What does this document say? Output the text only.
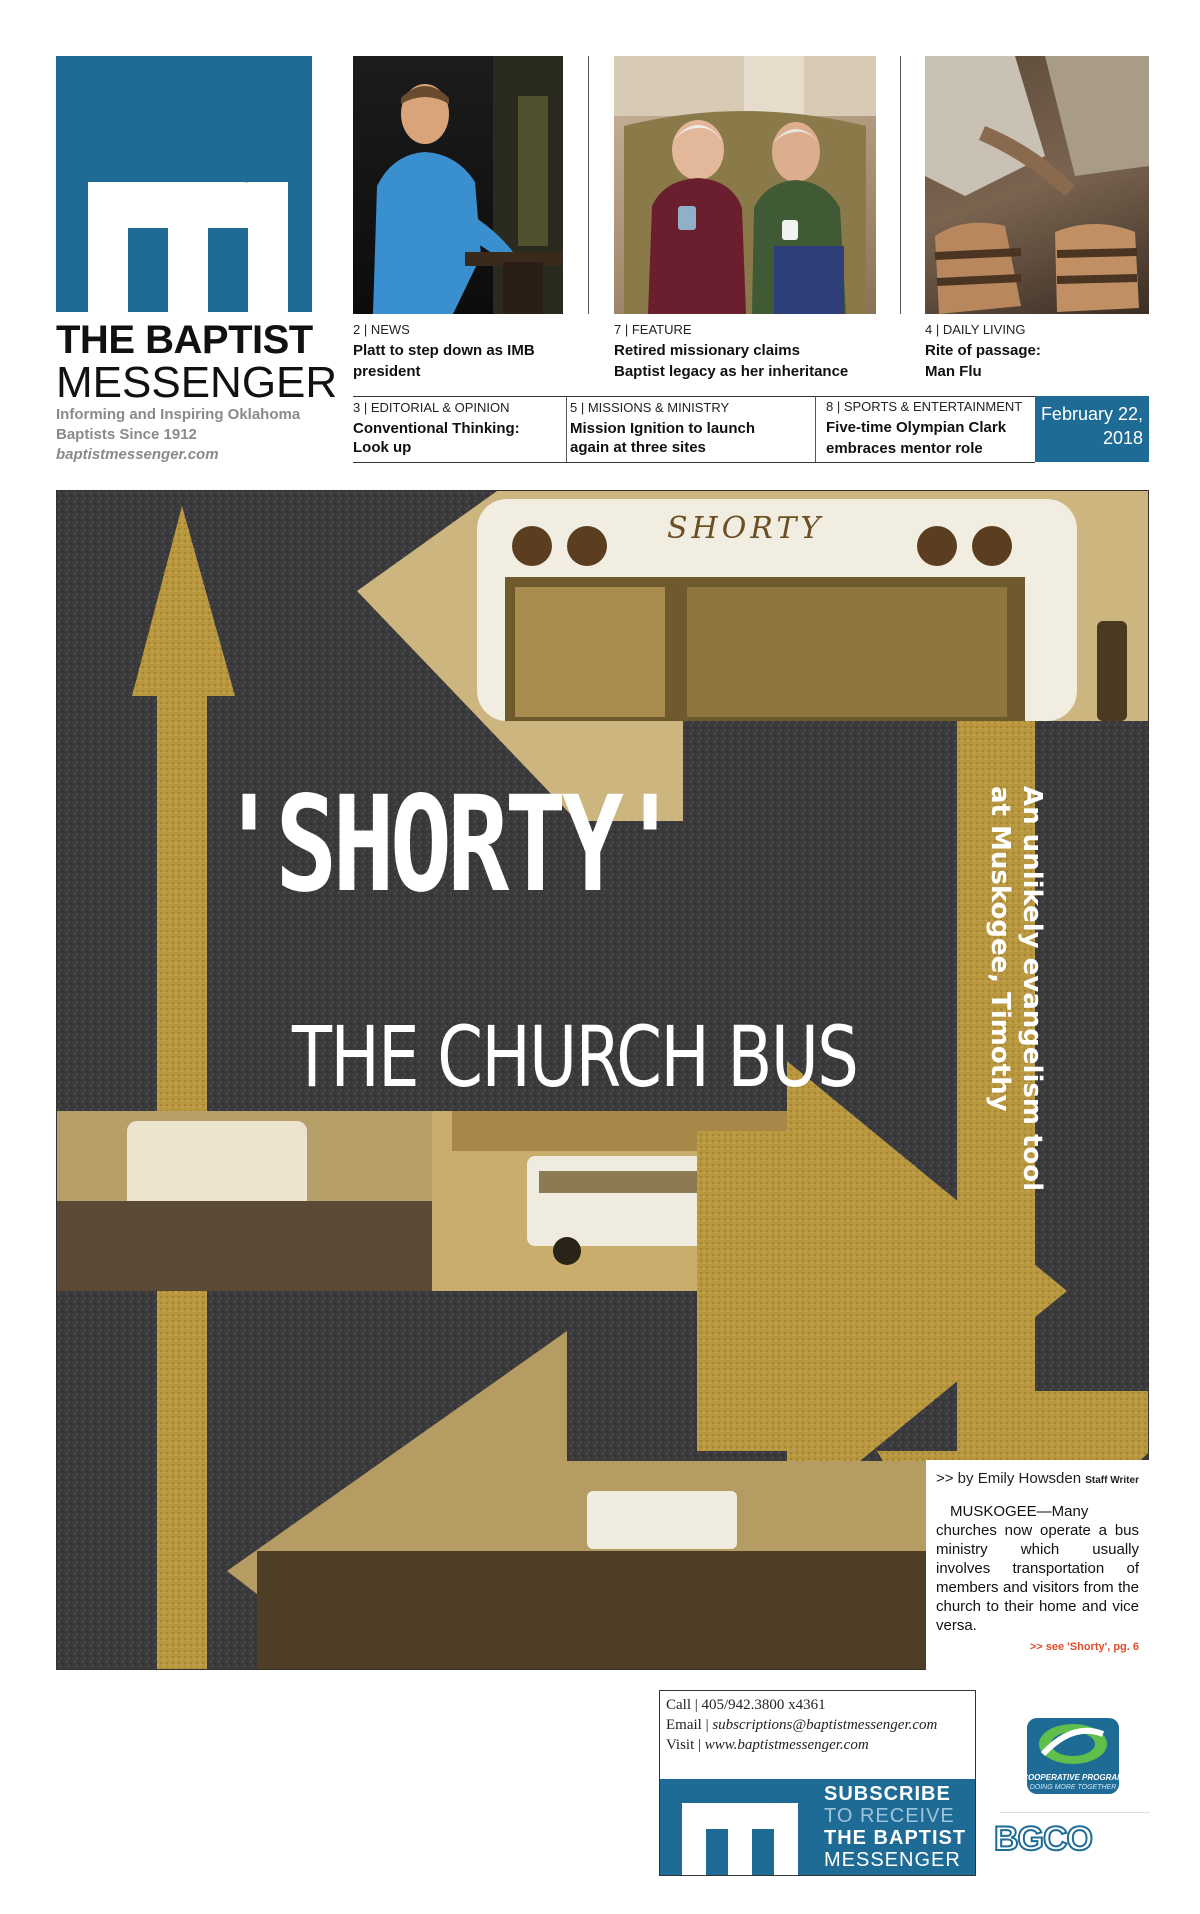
THE BAPTIST
MESSENGER
Informing and Inspiring Oklahoma
Baptists Since 1912
baptistmessenger.com
2 | NEWS
Platt to step down as IMB
president
7 | FEATURE
Retired missionary claims
Baptist legacy as her inheritance
4 | DAILY LIVING
Rite of passage:
Man Flu
3 | EDITORIAL & OPINION
Conventional Thinking:
Look up
5 | MISSIONS & MINISTRY
Mission Ignition to launch
again at three sites
8 | SPORTS & ENTERTAINMENT
Five-time Olympian Clark
embraces mentor role
February 22,
2018
SHORTY
'SHORTY'
THE CHURCH BUS	An unlikely evangelism tool
at Muskogee, Timothy
>> by Emily Howsden Staff Writer
MUSKOGEE—Many churches now operate a bus ministry which usually involves transportation of members and visitors from the church to their home and vice versa.
>> see 'Shorty', pg. 6
Call | 405/942.3800 x4361
Email | subscriptions@baptistmessenger.com
Visit | www.baptistmessenger.com
SUBSCRIBE
TO RECEIVE
THE BAPTIST
MESSENGER
COOPERATIVE PROGRAM
DOING MORE TOGETHER
BGCO
